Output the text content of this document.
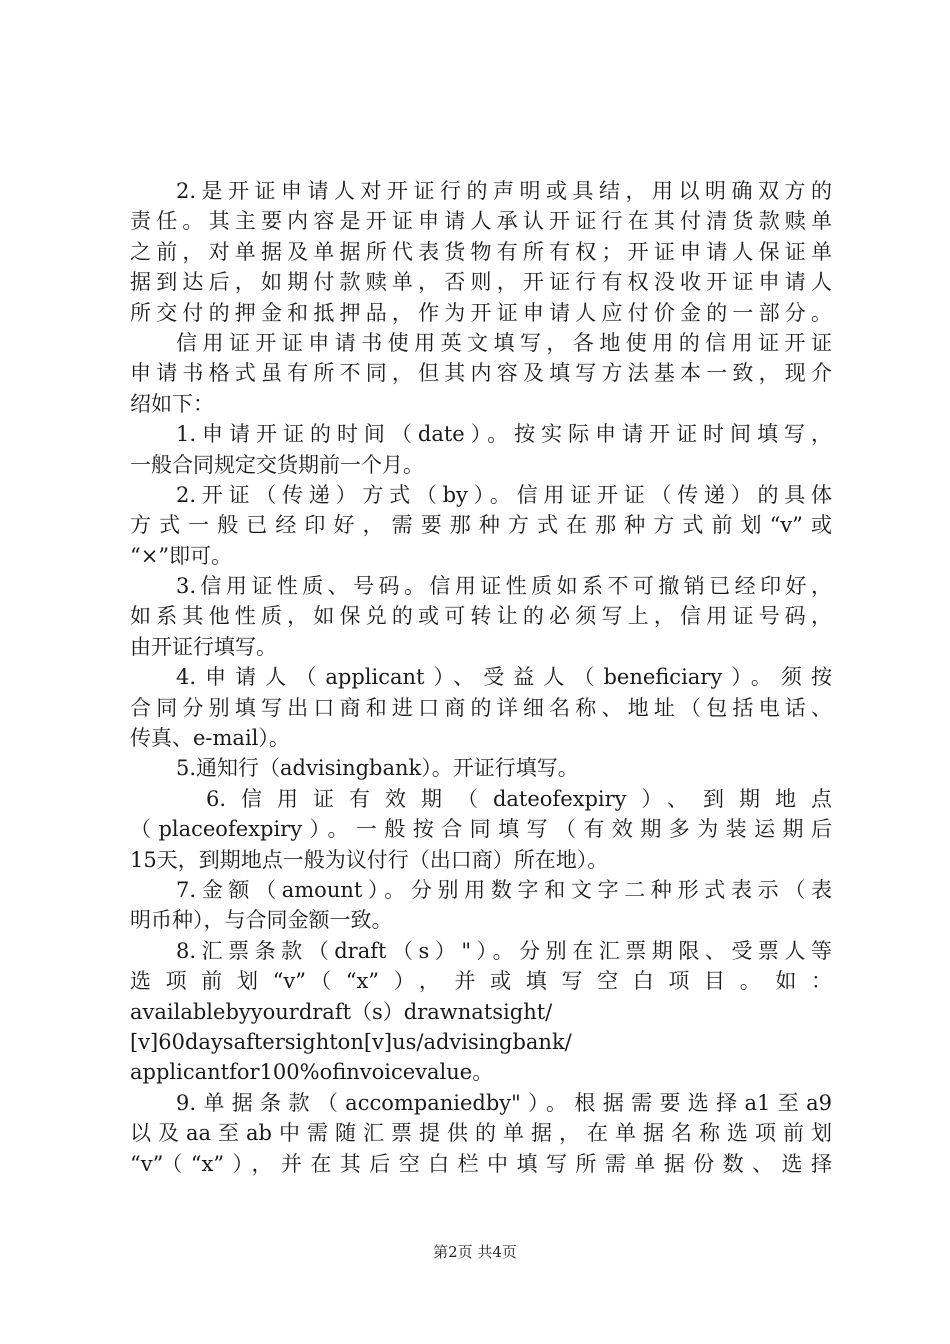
2.是开证申请人对开证行的声明或具结，用以明确双方的
责任。其主要内容是开证申请人承认开证行在其付清货款赎单
之前，对单据及单据所代表货物有所有权；开证申请人保证单
据到达后，如期付款赎单，否则，开证行有权没收开证申请人
所交付的押金和抵押品，作为开证申请人应付价金的一部分。
信用证开证申请书使用英文填写，各地使用的信用证开证
申请书格式虽有所不同，但其内容及填写方法基本一致，现介
绍如下：
1.申请开证的时间（date）。按实际申请开证时间填写，
一般合同规定交货期前一个月。
2.开证（传递）方式（by）。信用证开证（传递）的具体
方式一般已经印好，需要那种方式在那种方式前划“v”或
“×”即可。
3.信用证性质、号码。信用证性质如系不可撤销已经印好，
如系其他性质，如保兑的或可转让的必须写上，信用证号码，
由开证行填写。
4.申请人（applicant）、受益人（beneficiary）。须按
合同分别填写出口商和进口商的详细名称、地址（包括电话、
传真、e-mail）。
5.通知行（advisingbank）。开证行填写。
6.信用证有效期（dateofexpiry）、到期地点
（placeofexpiry）。一般按合同填写（有效期多为装运期后
15天，到期地点一般为议付行（出口商）所在地）。
7.金额（amount）。分别用数字和文字二种形式表示（表
明币种），与合同金额一致。
8.汇票条款（draft（s）"）。分别在汇票期限、受票人等
选项前划“v”（“x”），并或填写空白项目。如：
availablebyyourdraft（s）drawnatsight/
[v]60daysaftersighton[v]us/advisingbank/
applicantfor100%ofinvoicevalue。
9.单据条款（accompaniedby"）。根据需要选择a1至a9
以及aa至ab中需随汇票提供的单据，在单据名称选项前划
“v”（“x”），并在其后空白栏中填写所需单据份数、选择
第2页 共4页
